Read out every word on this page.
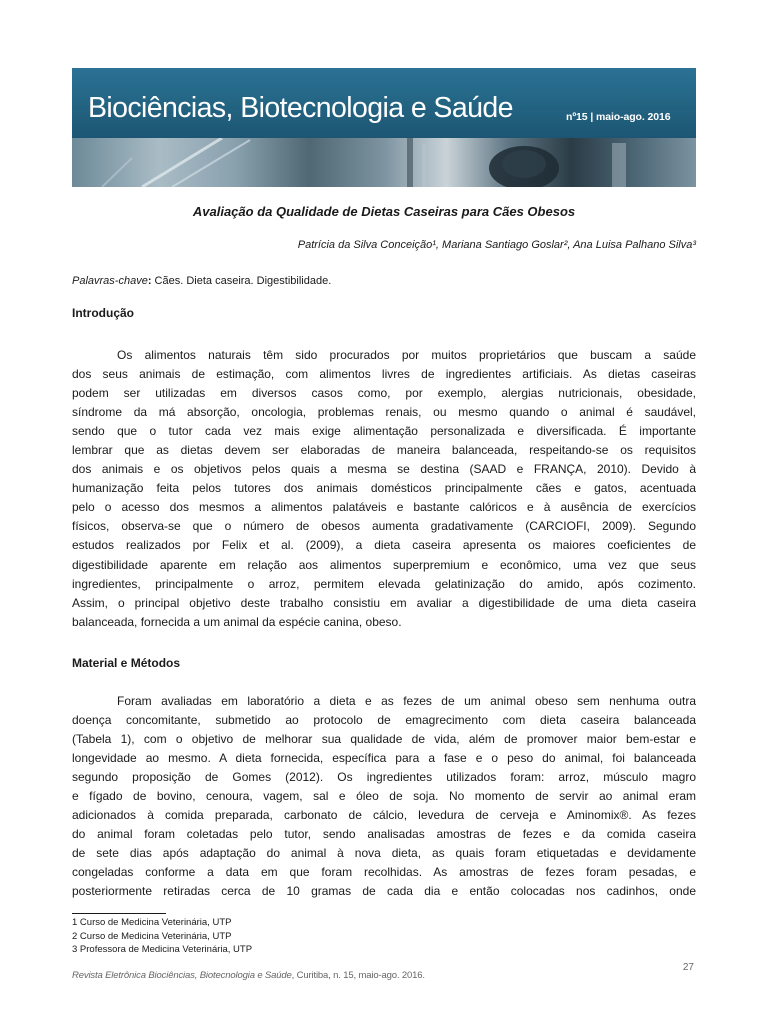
Biociências, Biotecnologia e Saúde	nº15 | maio-ago. 2016
Avaliação da Qualidade de Dietas Caseiras para Cães Obesos
Patrícia da Silva Conceição¹, Mariana Santiago Goslar², Ana Luisa Palhano Silva³
Palavras-chave: Cães. Dieta caseira. Digestibilidade.
Introdução
Os alimentos naturais têm sido procurados por muitos proprietários que buscam a saúde
dos seus animais de estimação, com alimentos livres de ingredientes artificiais. As dietas caseiras
podem ser utilizadas em diversos casos como, por exemplo, alergias nutricionais, obesidade,
síndrome da má absorção, oncologia, problemas renais, ou mesmo quando o animal é saudável,
sendo que o tutor cada vez mais exige alimentação personalizada e diversificada. É importante
lembrar que as dietas devem ser elaboradas de maneira balanceada, respeitando-se os requisitos
dos animais e os objetivos pelos quais a mesma se destina (SAAD e FRANÇA, 2010). Devido à
humanização feita pelos tutores dos animais domésticos principalmente cães e gatos, acentuada
pelo o acesso dos mesmos a alimentos palatáveis e bastante calóricos e à ausência de exercícios
físicos, observa-se que o número de obesos aumenta gradativamente (CARCIOFI, 2009). Segundo
estudos realizados por Felix et al. (2009), a dieta caseira apresenta os maiores coeficientes de
digestibilidade aparente em relação aos alimentos superpremium e econômico, uma vez que seus
ingredientes, principalmente o arroz, permitem elevada gelatinização do amido, após cozimento.
Assim, o principal objetivo deste trabalho consistiu em avaliar a digestibilidade de uma dieta caseira
balanceada, fornecida a um animal da espécie canina, obeso.
Material e Métodos
Foram avaliadas em laboratório a dieta e as fezes de um animal obeso sem nenhuma outra
doença concomitante, submetido ao protocolo de emagrecimento com dieta caseira balanceada
(Tabela 1), com o objetivo de melhorar sua qualidade de vida, além de promover maior bem-estar e
longevidade ao mesmo. A dieta fornecida, específica para a fase e o peso do animal, foi balanceada
segundo proposição de Gomes (2012). Os ingredientes utilizados foram: arroz, músculo magro
e fígado de bovino, cenoura, vagem, sal e óleo de soja. No momento de servir ao animal eram
adicionados à comida preparada, carbonato de cálcio, levedura de cerveja e Aminomix®. As fezes
do animal foram coletadas pelo tutor, sendo analisadas amostras de fezes e da comida caseira
de sete dias após adaptação do animal à nova dieta, as quais foram etiquetadas e devidamente
congeladas conforme a data em que foram recolhidas. As amostras de fezes foram pesadas, e
posteriormente retiradas cerca de 10 gramas de cada dia e então colocadas nos cadinhos, onde
1 Curso de Medicina Veterinária, UTP
2 Curso de Medicina Veterinária, UTP
3 Professora de Medicina Veterinária, UTP
27
Revista Eletrônica Biociências, Biotecnologia e Saúde, Curitiba, n. 15, maio-ago. 2016.
